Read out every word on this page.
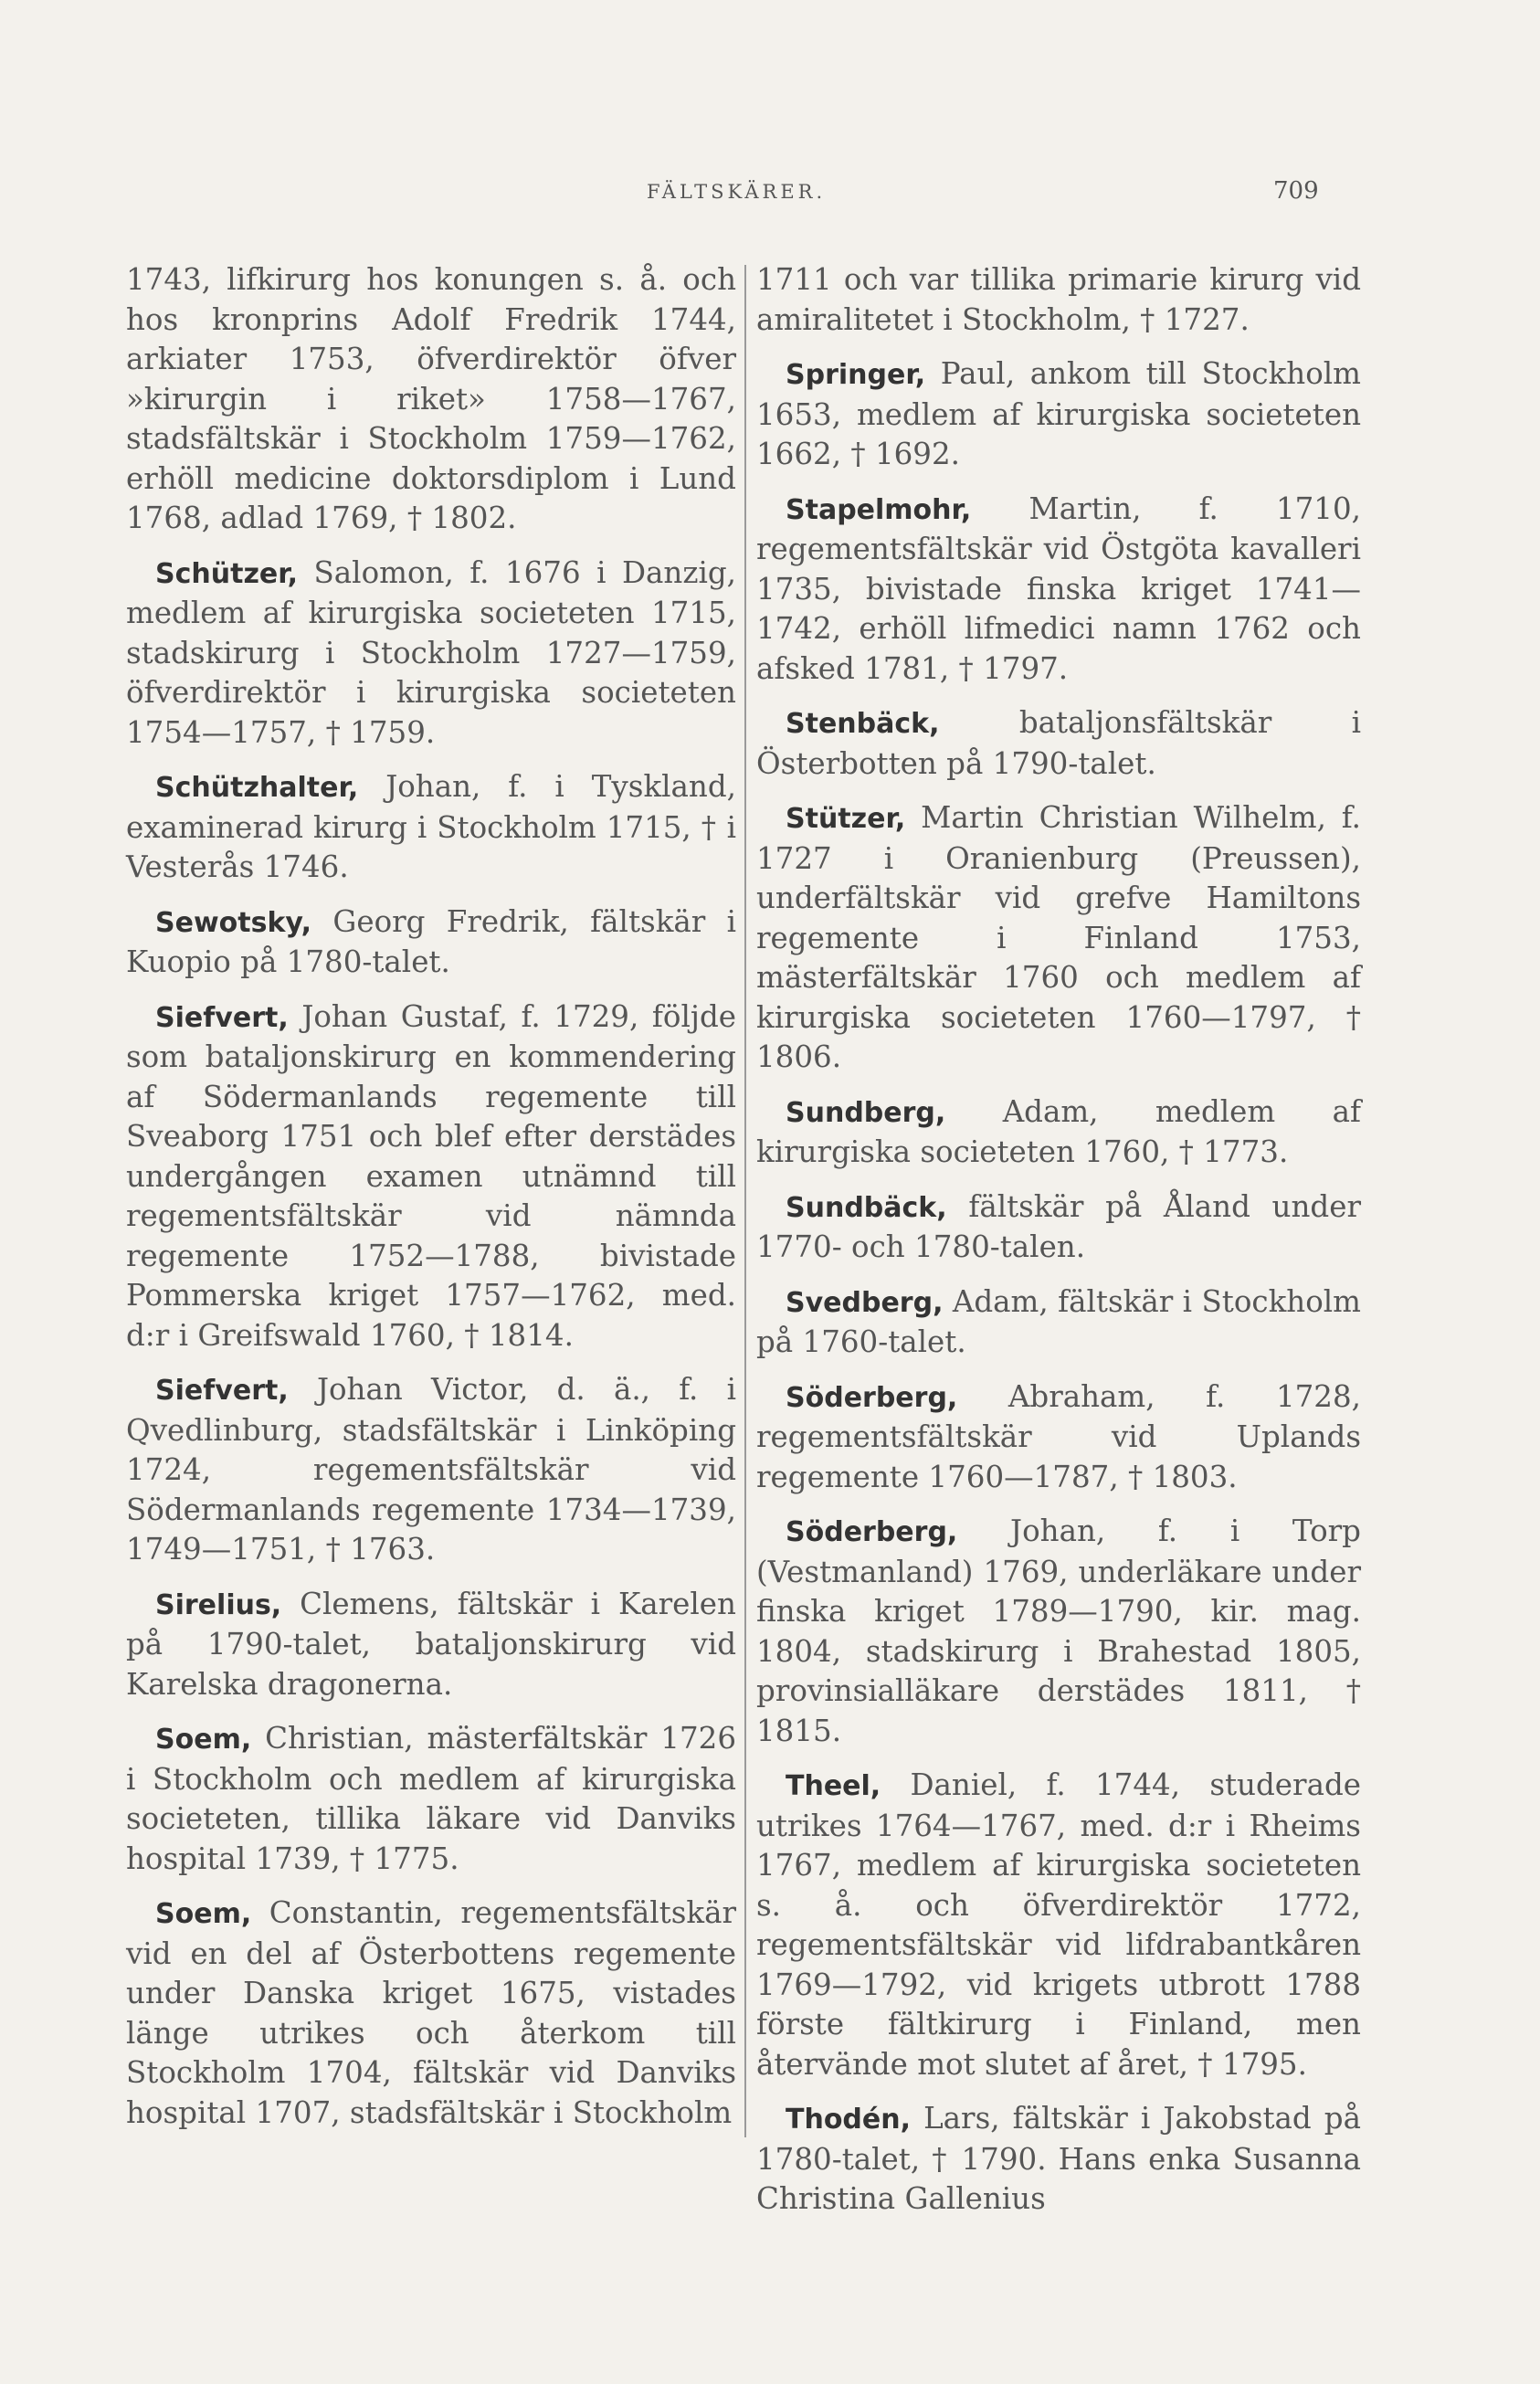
FÄLTSKÄRER.	709

1743, lifkirurg hos konungen s. å. och hos kronprins Adolf Fredrik 1744, arkiater 1753, öfverdirektör öfver »kirurgin i riket» 1758—1767, stadsfältskär i Stockholm 1759—1762, erhöll medicine doktorsdiplom i Lund 1768, adlad 1769, † 1802.

Schützer, Salomon, f. 1676 i Danzig, medlem af kirurgiska societeten 1715, stadskirurg i Stockholm 1727—1759, öfverdirektör i kirurgiska societeten 1754—1757, † 1759.

Schützhalter, Johan, f. i Tyskland, examinerad kirurg i Stockholm 1715, † i Vesterås 1746.

Sewotsky, Georg Fredrik, fältskär i Kuopio på 1780-talet.

Siefvert, Johan Gustaf, f. 1729, följde som bataljonskirurg en kommendering af Södermanlands regemente till Sveaborg 1751 och blef efter derstädes undergången examen utnämnd till regementsfältskär vid nämnda regemente 1752—1788, bivistade Pommerska kriget 1757—1762, med. d:r i Greifswald 1760, † 1814.

Siefvert, Johan Victor, d. ä., f. i Qvedlinburg, stadsfältskär i Linköping 1724, regementsfältskär vid Södermanlands regemente 1734—1739, 1749—1751, † 1763.

Sirelius, Clemens, fältskär i Karelen på 1790-talet, bataljonskirurg vid Karelska dragonerna.

Soem, Christian, mästerfältskär 1726 i Stockholm och medlem af kirurgiska societeten, tillika läkare vid Danviks hospital 1739, † 1775.

Soem, Constantin, regementsfältskär vid en del af Österbottens regemente under Danska kriget 1675, vistades länge utrikes och återkom till Stockholm 1704, fältskär vid Danviks hospital 1707, stadsfältskär i Stockholm

1711 och var tillika primarie kirurg vid amiralitetet i Stockholm, † 1727.

Springer, Paul, ankom till Stockholm 1653, medlem af kirurgiska societeten 1662, † 1692.

Stapelmohr, Martin, f. 1710, regementsfältskär vid Östgöta kavalleri 1735, bivistade finska kriget 1741—1742, erhöll lifmedici namn 1762 och afsked 1781, † 1797.

Stenbäck,	bataljonsfältskär i Österbotten på 1790-talet.

Stützer, Martin Christian Wilhelm, f. 1727 i Oranienburg (Preussen), underfältskär vid grefve Hamiltons regemente i Finland 1753, mästerfältskär 1760 och medlem af kirurgiska societeten 1760—1797, † 1806.

Sundberg, Adam, medlem af kirurgiska societeten 1760, † 1773.

Sundbäck, fältskär på Åland under 1770- och 1780-talen.

Svedberg, Adam, fältskär i Stockholm på 1760-talet.

Söderberg, Abraham, f. 1728, regementsfältskär vid Uplands regemente 1760—1787, † 1803.

Söderberg, Johan, f. i Torp (Vestmanland) 1769, underläkare under finska kriget 1789—1790, kir. mag. 1804, stadskirurg i Brahestad 1805, provinsialläkare derstädes 1811, † 1815.

Theel, Daniel, f. 1744, studerade utrikes 1764—1767, med. d:r i Rheims 1767, medlem af kirurgiska societeten s. å. och öfverdirektör 1772, regementsfältskär vid lifdrabantkåren 1769—1792, vid krigets utbrott 1788 förste fältkirurg i Finland, men återvände mot slutet af året, † 1795.

Thodén, Lars, fältskär i Jakobstad på 1780-talet, † 1790. Hans enka Susanna Christina Gallenius
